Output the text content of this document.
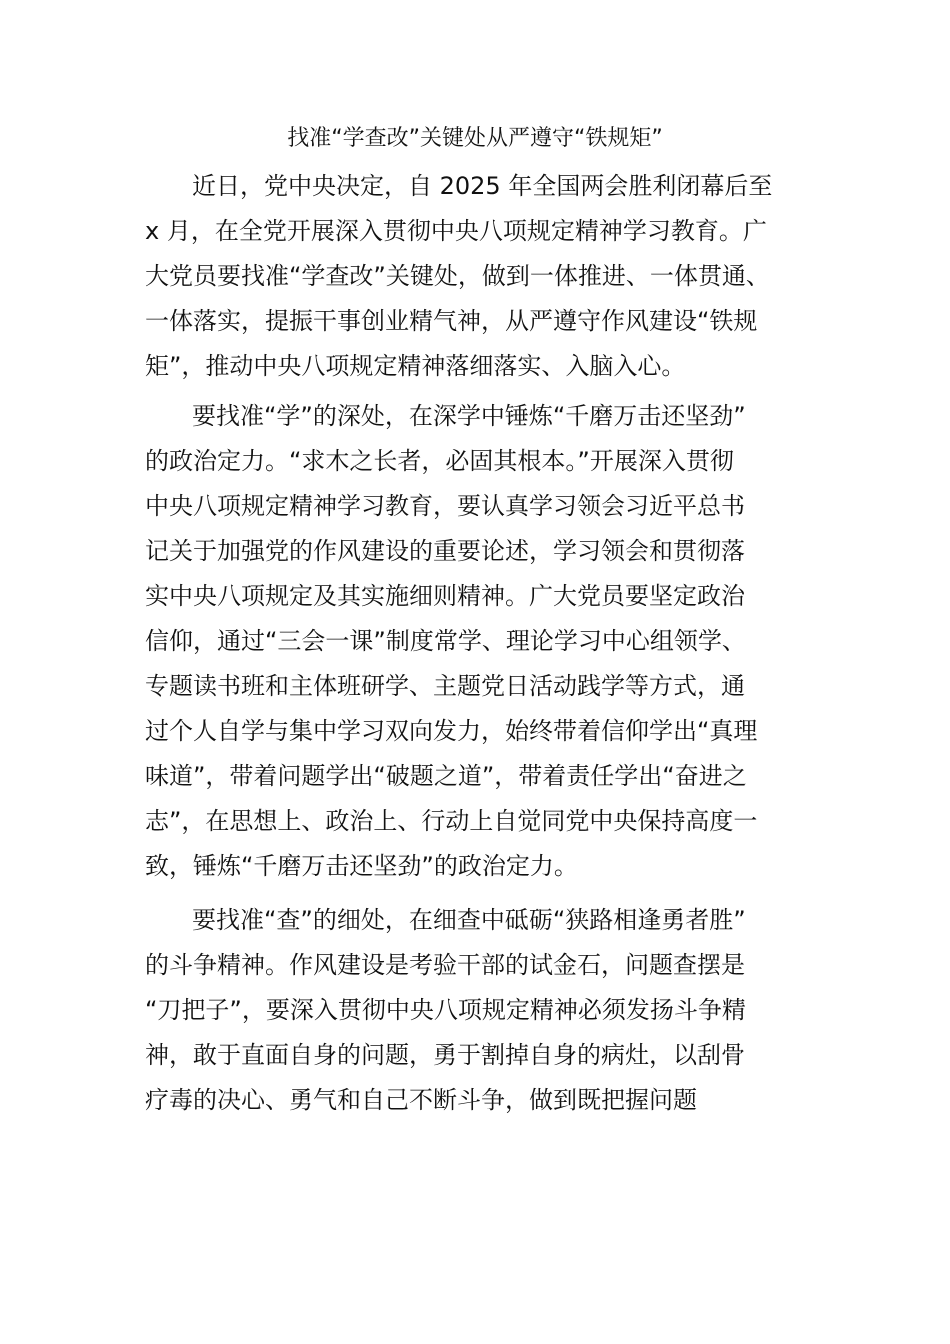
找准“学查改”关键处从严遵守“铁规矩”

近日，党中央决定，自 2025 年全国两会胜利闭幕后至

x 月，在全党开展深入贯彻中央八项规定精神学习教育。广

大党员要找准“学查改”关键处，做到一体推进、一体贯通、

一体落实，提振干事创业精气神，从严遵守作风建设“铁规

矩”，推动中央八项规定精神落细落实、入脑入心。

要找准“学”的深处，在深学中锤炼“千磨万击还坚劲”

的政治定力。“求木之长者，必固其根本。”开展深入贯彻

中央八项规定精神学习教育，要认真学习领会习近平总书

记关于加强党的作风建设的重要论述，学习领会和贯彻落

实中央八项规定及其实施细则精神。广大党员要坚定政治

信仰，通过“三会一课”制度常学、理论学习中心组领学、

专题读书班和主体班研学、主题党日活动践学等方式，通

过个人自学与集中学习双向发力，始终带着信仰学出“真理

味道”，带着问题学出“破题之道”，带着责任学出“奋进之

志”，在思想上、政治上、行动上自觉同党中央保持高度一

致，锤炼“千磨万击还坚劲”的政治定力。

要找准“查”的细处，在细查中砥砺“狭路相逢勇者胜”

的斗争精神。作风建设是考验干部的试金石，问题查摆是

“刀把子”，要深入贯彻中央八项规定精神必须发扬斗争精

神，敢于直面自身的问题，勇于割掉自身的病灶，以刮骨

疗毒的决心、勇气和自己不断斗争，做到既把握问题
